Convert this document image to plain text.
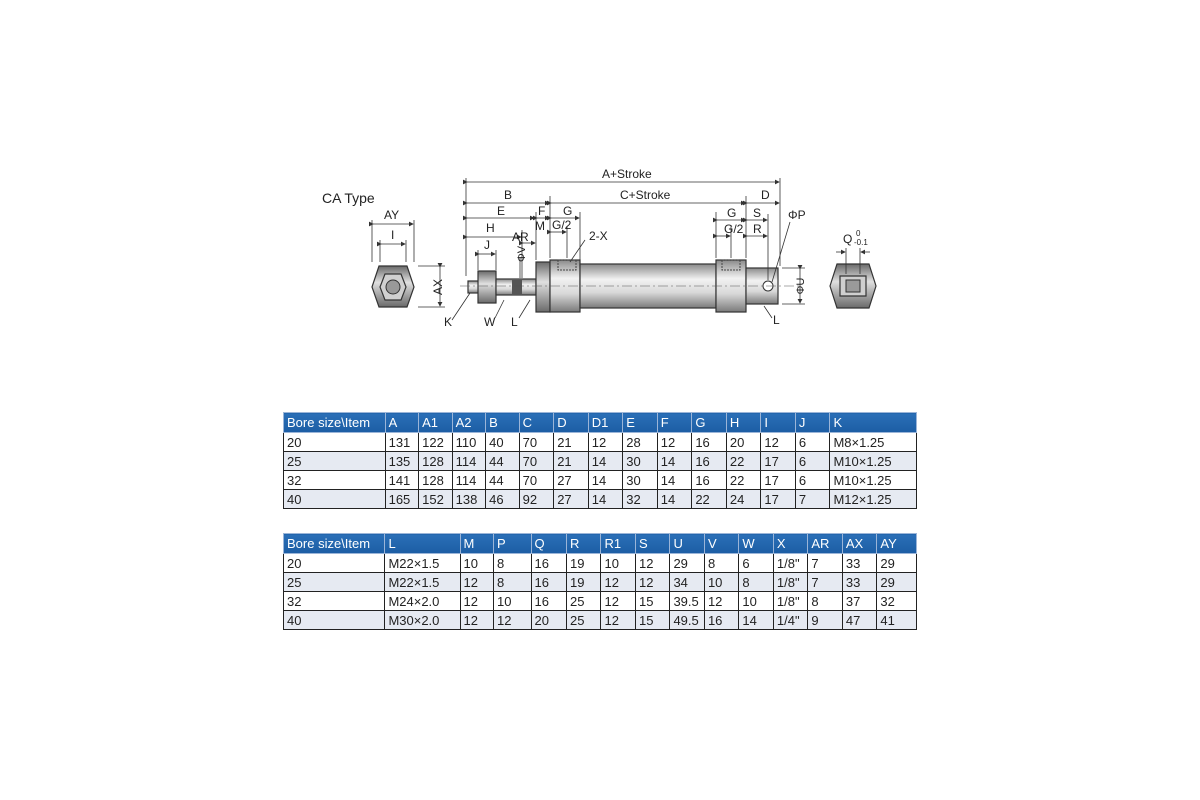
CA Type
AY
I
AX
A+Stroke
B	C+Stroke	D
E	F G
M G/2
H
AR	2-X
J
ΦV
G S ΦP
G/2 R
ΦU
K	W L	L
Q 0
-0.1
Bore size\Item	A	A1	A2	B	C	D	D1	E	F	G	H	I	J	K
20	131	122	110	40	70	21	12	28	12	16	20	12	6	M8×1.25
25	135	128	114	44	70	21	14	30	14	16	22	17	6	M10×1.25
32	141	128	114	44	70	27	14	30	14	16	22	17	6	M10×1.25
40	165	152	138	46	92	27	14	32	14	22	24	17	7	M12×1.25
Bore size\Item	L	M	P	Q	R	R1	S	U	V	W	X	AR	AX	AY
20	M22×1.5	10	8	16	19	10	12	29	8	6	1/8"	7	33	29
25	M22×1.5	12	8	16	19	12	12	34	10	8	1/8"	7	33	29
32	M24×2.0	12	10	16	25	12	15	39.5	12	10	1/8"	8	37	32
40	M30×2.0	12	12	20	25	12	15	49.5	16	14	1/4"	9	47	41
